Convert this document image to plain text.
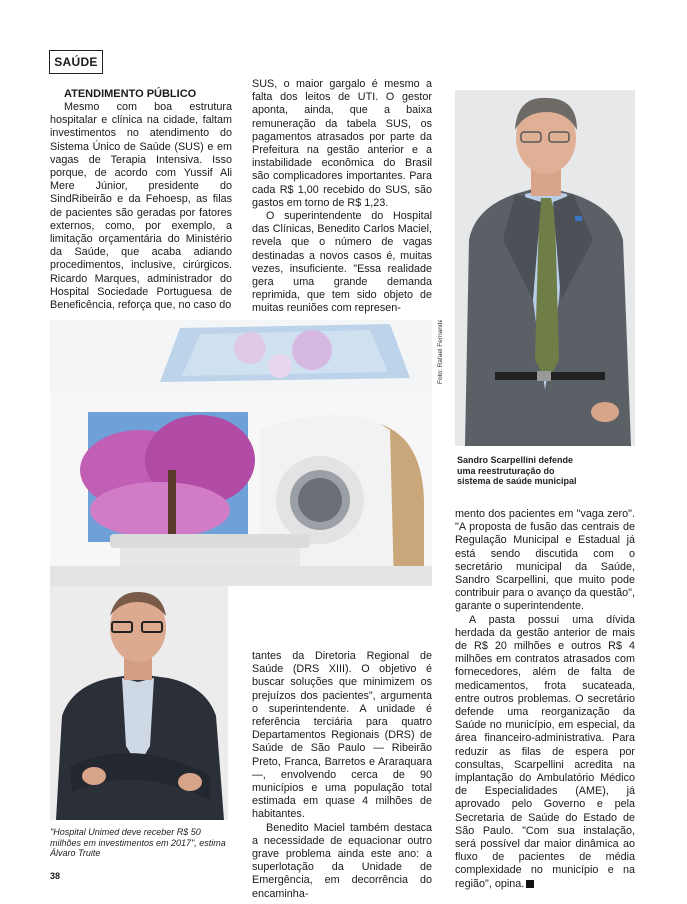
SAÚDE

ATENDIMENTO PÚBLICO

Mesmo com boa estrutura hospitalar e clínica na cidade, faltam investimentos no atendimento do Sistema Único de Saúde (SUS) e em vagas de Terapia Intensiva. Isso porque, de acordo com Yussif Ali Mere Júnior, presidente do SindRibeirão e da Fehoesp, as filas de pacientes são geradas por fatores externos, como, por exemplo, a limitação orçamentária do Ministério da Saúde, que acaba adiando procedimentos, inclusive, cirúrgicos. Ricardo Marques, administrador do Hospital Sociedade Portuguesa de Beneficência, reforça que, no caso do

SUS, o maior gargalo é mesmo a falta dos leitos de UTI. O gestor aponta, ainda, que a baixa remuneração da tabela SUS, os pagamentos atrasados por parte da Prefeitura na gestão anterior e a instabilidade econômica do Brasil são complicadores importantes. Para cada R$ 1,00 recebido do SUS, são gastos em torno de R$ 1,23.

O superintendente do Hospital das Clínicas, Benedito Carlos Maciel, revela que o número de vagas destinadas a novos casos é, muitas vezes, insuficiente. "Essa realidade gera uma grande demanda reprimida, que tem sido objeto de muitas reuniões com represen-

Sandro Scarpellini defende uma reestruturação do sistema de saúde municipal
Foto: Rafael Fernandes
"Hospital Unimed deve receber R$ 50 milhões em investimentos em 2017", estima Álvaro Truite

tantes da Diretoria Regional de Saúde (DRS XIII). O objetivo é buscar soluções que minimizem os prejuízos dos pacientes", argumenta o superintendente. A unidade é referência terciária para quatro Departamentos Regionais (DRS) de Saúde de São Paulo — Ribeirão Preto, Franca, Barretos e Araraquara —, envolvendo cerca de 90 municípios e uma população total estimada em quase 4 milhões de habitantes.

Benedito Maciel também destaca a necessidade de equacionar outro grave problema ainda este ano: a superlotação da Unidade de Emergência, em decorrência do encaminha-

mento dos pacientes em "vaga zero". "A proposta de fusão das centrais de Regulação Municipal e Estadual já está sendo discutida com o secretário municipal da Saúde, Sandro Scarpellini, que muito pode contribuir para o avanço da questão", garante o superintendente.

A pasta possui uma dívida herdada da gestão anterior de mais de R$ 20 milhões e outros R$ 4 milhões em contratos atrasados com fornecedores, além de falta de medicamentos, frota sucateada, entre outros problemas. O secretário defende uma reorganização da Saúde no município, em especial, da área financeiro-administrativa. Para reduzir as filas de espera por consultas, Scarpellini acredita na implantação do Ambulatório Médico de Especialidades (AME), já aprovado pelo Governo e pela Secretaria de Saúde do Estado de São Paulo. "Com sua instalação, será possível dar maior dinâmica ao fluxo de pacientes de média complexidade no município e na região", opina.

38
